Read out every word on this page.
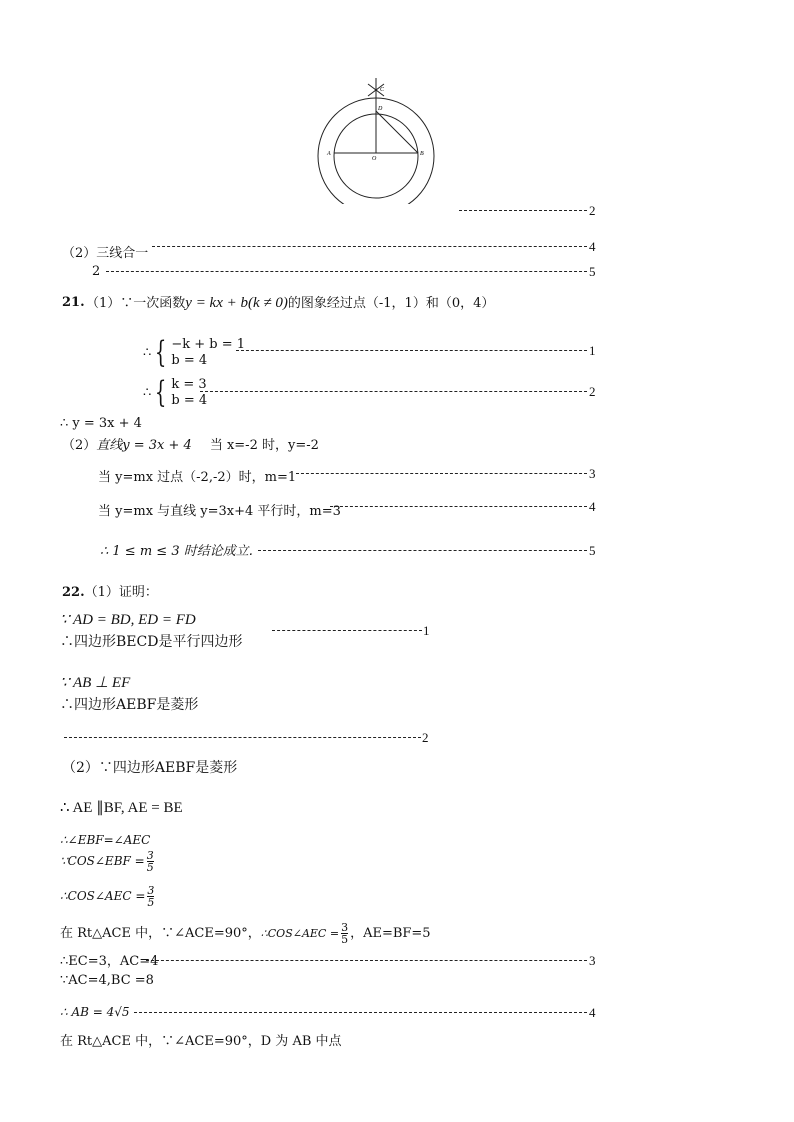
C
D
A
O
B
2
（2）三线合一	4
2	5
21. （1）∵一次函数y = kx + b(k ≠ 0)的图象经过点（-1，1）和（0，4）
∴ { −k + b = 1
b = 4
1
∴ { k = 3
b = 4
2
∴ y = 3x + 4
（2）直线y = 3x + 4 当 x=-2 时，y=-2
当 y=mx 过点（-2,-2）时，m=1	3
当 y=mx 与直线 y=3x+4 平行时，m=3	4
∴ 1 ≤ m ≤ 3 时结论成立.	5
22.（1）证明：
∵ AD = BD, ED = FD
∴四边形BECD是平行四边形
1
∵ AB ⊥ EF
∴四边形AEBF是菱形
2
（2）∵四边形AEBF是菱形
∴ AE ∥BF, AE = BE
∴∠EBF=∠AEC
∵COS∠EBF = $\frac{3}{5}$
∴COS∠AEC = $\frac{3}{5}$
在 Rt△ACE 中，∵∠ACE=90°，∴COS∠AEC = $\frac{3}{5}$ ，AE=BF=5
∴EC=3，AC=4	3
∵AC=4,BC =8
∴ AB = 4√5	4
在 Rt△ACE 中，∵∠ACE=90°，D 为 AB 中点
